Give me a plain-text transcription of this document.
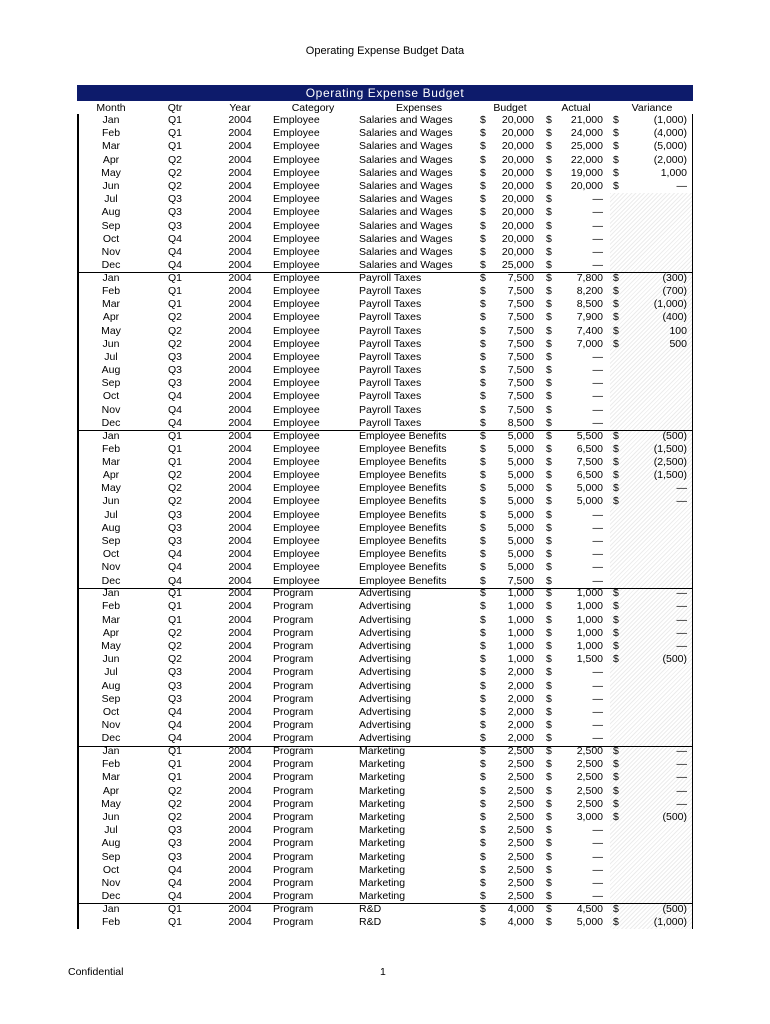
Operating Expense Budget Data
Operating Expense Budget
Month	Qtr	Year	Category	Expenses	Budget	Actual	Variance
Jan	Q1	2004	Employee	Salaries and Wages	$	20,000 $	21,000 $	(1,000)
Feb	Q1	2004	Employee	Salaries and Wages	$	20,000 $	24,000 $	(4,000)
Mar	Q1	2004	Employee	Salaries and Wages	$	20,000 $	25,000 $	(5,000)
Apr	Q2	2004	Employee	Salaries and Wages	$	20,000 $	22,000 $	(2,000)
May	Q2	2004	Employee	Salaries and Wages	$	20,000 $	19,000 $	1,000
Jun	Q2	2004	Employee	Salaries and Wages	$	20,000 $	20,000 $	—
Jul	Q3	2004	Employee	Salaries and Wages	$	20,000 $	—
Aug	Q3	2004	Employee	Salaries and Wages	$	20,000 $	—
Sep	Q3	2004	Employee	Salaries and Wages	$	20,000 $	—
Oct	Q4	2004	Employee	Salaries and Wages	$	20,000 $	—
Nov	Q4	2004	Employee	Salaries and Wages	$	20,000 $	—
Dec	Q4	2004	Employee	Salaries and Wages	$	25,000 $	—
Jan	Q1	2004	Employee	Payroll Taxes	$	7,500 $	7,800 $	(300)
Feb	Q1	2004	Employee	Payroll Taxes	$	7,500 $	8,200 $	(700)
Mar	Q1	2004	Employee	Payroll Taxes	$	7,500 $	8,500 $	(1,000)
Apr	Q2	2004	Employee	Payroll Taxes	$	7,500 $	7,900 $	(400)
May	Q2	2004	Employee	Payroll Taxes	$	7,500 $	7,400 $	100
Jun	Q2	2004	Employee	Payroll Taxes	$	7,500 $	7,000 $	500
Jul	Q3	2004	Employee	Payroll Taxes	$	7,500 $	—
Aug	Q3	2004	Employee	Payroll Taxes	$	7,500 $	—
Sep	Q3	2004	Employee	Payroll Taxes	$	7,500 $	—
Oct	Q4	2004	Employee	Payroll Taxes	$	7,500 $	—
Nov	Q4	2004	Employee	Payroll Taxes	$	7,500 $	—
Dec	Q4	2004	Employee	Payroll Taxes	$	8,500 $	—
Jan	Q1	2004	Employee	Employee Benefits	$	5,000 $	5,500 $	(500)
Feb	Q1	2004	Employee	Employee Benefits	$	5,000 $	6,500 $	(1,500)
Mar	Q1	2004	Employee	Employee Benefits	$	5,000 $	7,500 $	(2,500)
Apr	Q2	2004	Employee	Employee Benefits	$	5,000 $	6,500 $	(1,500)
May	Q2	2004	Employee	Employee Benefits	$	5,000 $	5,000 $	—
Jun	Q2	2004	Employee	Employee Benefits	$	5,000 $	5,000 $	—
Jul	Q3	2004	Employee	Employee Benefits	$	5,000 $	—
Aug	Q3	2004	Employee	Employee Benefits	$	5,000 $	—
Sep	Q3	2004	Employee	Employee Benefits	$	5,000 $	—
Oct	Q4	2004	Employee	Employee Benefits	$	5,000 $	—
Nov	Q4	2004	Employee	Employee Benefits	$	5,000 $	—
Dec	Q4	2004	Employee	Employee Benefits	$	7,500 $	—
Jan	Q1	2004	Program	Advertising	$	1,000 $	1,000 $	—
Feb	Q1	2004	Program	Advertising	$	1,000 $	1,000 $	—
Mar	Q1	2004	Program	Advertising	$	1,000 $	1,000 $	—
Apr	Q2	2004	Program	Advertising	$	1,000 $	1,000 $	—
May	Q2	2004	Program	Advertising	$	1,000 $	1,000 $	—
Jun	Q2	2004	Program	Advertising	$	1,000 $	1,500 $	(500)
Jul	Q3	2004	Program	Advertising	$	2,000 $	—
Aug	Q3	2004	Program	Advertising	$	2,000 $	—
Sep	Q3	2004	Program	Advertising	$	2,000 $	—
Oct	Q4	2004	Program	Advertising	$	2,000 $	—
Nov	Q4	2004	Program	Advertising	$	2,000 $	—
Dec	Q4	2004	Program	Advertising	$	2,000 $	—
Jan	Q1	2004	Program	Marketing	$	2,500 $	2,500 $	—
Feb	Q1	2004	Program	Marketing	$	2,500 $	2,500 $	—
Mar	Q1	2004	Program	Marketing	$	2,500 $	2,500 $	—
Apr	Q2	2004	Program	Marketing	$	2,500 $	2,500 $	—
May	Q2	2004	Program	Marketing	$	2,500 $	2,500 $	—
Jun	Q2	2004	Program	Marketing	$	2,500 $	3,000 $	(500)
Jul	Q3	2004	Program	Marketing	$	2,500 $	—
Aug	Q3	2004	Program	Marketing	$	2,500 $	—
Sep	Q3	2004	Program	Marketing	$	2,500 $	—
Oct	Q4	2004	Program	Marketing	$	2,500 $	—
Nov	Q4	2004	Program	Marketing	$	2,500 $	—
Dec	Q4	2004	Program	Marketing	$	2,500 $	—
Jan	Q1	2004	Program	R&D	$	4,000 $	4,500 $	(500)
Feb	Q1	2004	Program	R&D	$	4,000 $	5,000 $	(1,000)
Confidential	1
